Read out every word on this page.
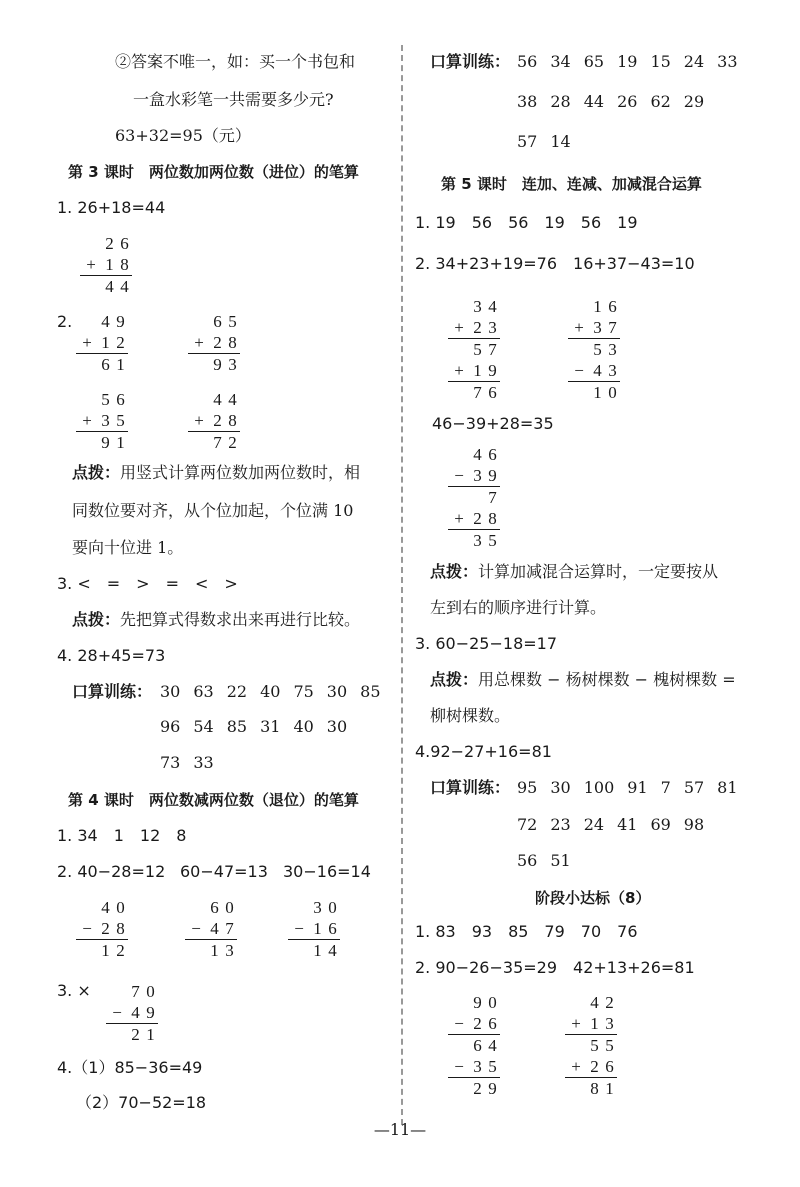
②答案不唯一，如：买一个书包和
一盒水彩笔一共需要多少元?
63+32=95（元）
第 3 课时　两位数加两位数（进位）的笔算
1. 26+18=44
2 6
+ 1 8
4 4
2. 4 9
+ 1 2
6 1
6 5
+ 2 8
9 3
5 6
+ 3 5
9 1
4 4
+ 2 8
7 2
点拨：用竖式计算两位数加两位数时，相
同数位要对齐，从个位加起，个位满 10
要向十位进 1。
3. <　=　>　=　<　>
点拨：先把算式得数求出来再进行比较。
4. 28+45=73
口算训练： 30 63 22 40 75 30 85
96 54 85 31 40 30
73 33
第 4 课时　两位数减两位数（退位）的笔算
1. 34　1　12　8
2. 40−28=12 60−47=13 30−16=14
4 0
− 2 8
1 2
6 0
− 4 7
1 3
3 0
− 1 6
1 4
3. × 7 0
− 4 9
2 1
4.（1）85−36=49
（2）70−52=18
口算训练： 56 34 65 19 15 24 33
38 28 44 26 62 29
57 14
第 5 课时　连加、连减、加减混合运算
1. 19　56　56　19　56　19
2. 34+23+19=76　16+37−43=10
3 4
+ 2 3
5 7
+ 1 9
7 6
1 6
+ 3 7
5 3
− 4 3
1 0
46−39+28=35
4 6
− 3 9
7
+ 2 8
3 5
点拨：计算加减混合运算时，一定要按从
左到右的顺序进行计算。
3. 60−25−18=17
点拨：用总棵数 − 杨树棵数 − 槐树棵数 =
柳树棵数。
4.92−27+16=81
口算训练： 95 30 100 91 7 57 81
72 23 24 41 69 98
56 51
阶段小达标（8）
1. 83　93　85　79　70　76
2. 90−26−35=29　42+13+26=81
9 0
− 2 6
6 4
− 3 5
2 9
4 2
+ 1 3
5 5
+ 2 6
8 1
—11—
